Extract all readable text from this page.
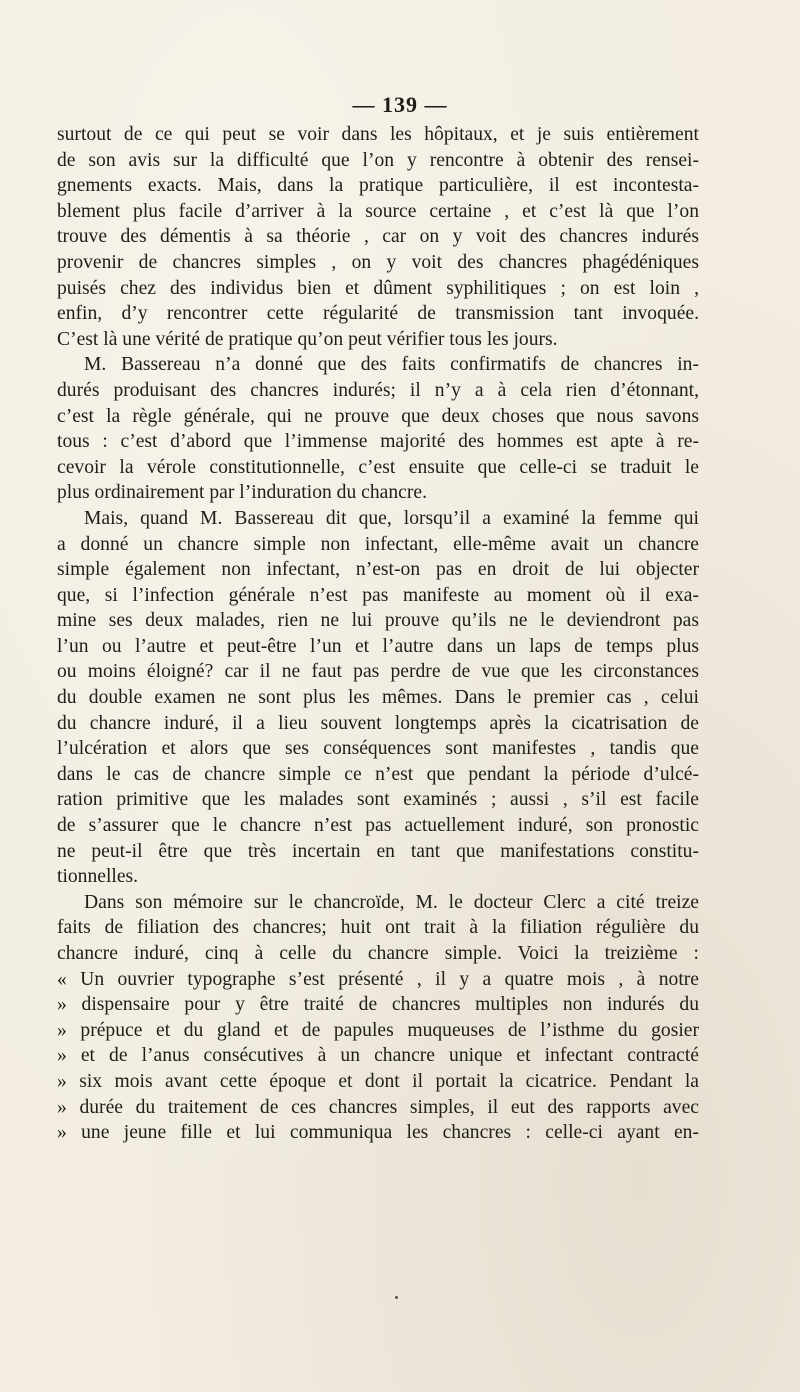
— 139 —
surtout de ce qui peut se voir dans les hôpitaux, et je suis entièrement
de son avis sur la difficulté que l’on y rencontre à obtenir des rensei-
gnements exacts. Mais, dans la pratique particulière, il est incontesta-
blement plus facile d’arriver à la source certaine , et c’est là que l’on
trouve des démentis à sa théorie , car on y voit des chancres indurés
provenir de chancres simples , on y voit des chancres phagédéniques
puisés chez des individus bien et dûment syphilitiques ; on est loin ,
enfin, d’y rencontrer cette régularité de transmission tant invoquée.
C’est là une vérité de pratique qu’on peut vérifier tous les jours.
M. Bassereau n’a donné que des faits confirmatifs de chancres in-
durés produisant des chancres indurés; il n’y a à cela rien d’étonnant,
c’est la règle générale, qui ne prouve que deux choses que nous savons
tous : c’est d’abord que l’immense majorité des hommes est apte à re-
cevoir la vérole constitutionnelle, c’est ensuite que celle-ci se traduit le
plus ordinairement par l’induration du chancre.
Mais, quand M. Bassereau dit que, lorsqu’il a examiné la femme qui
a donné un chancre simple non infectant, elle-même avait un chancre
simple également non infectant, n’est-on pas en droit de lui objecter
que, si l’infection générale n’est pas manifeste au moment où il exa-
mine ses deux malades, rien ne lui prouve qu’ils ne le deviendront pas
l’un ou l’autre et peut-être l’un et l’autre dans un laps de temps plus
ou moins éloigné? car il ne faut pas perdre de vue que les circonstances
du double examen ne sont plus les mêmes. Dans le premier cas , celui
du chancre induré, il a lieu souvent longtemps après la cicatrisation de
l’ulcération et alors que ses conséquences sont manifestes , tandis que
dans le cas de chancre simple ce n’est que pendant la période d’ulcé-
ration primitive que les malades sont examinés ; aussi , s’il est facile
de s’assurer que le chancre n’est pas actuellement induré, son pronostic
ne peut-il être que très incertain en tant que manifestations constitu-
tionnelles.
Dans son mémoire sur le chancroïde, M. le docteur Clerc a cité treize
faits de filiation des chancres; huit ont trait à la filiation régulière du
chancre induré, cinq à celle du chancre simple. Voici la treizième :
« Un ouvrier typographe s’est présenté , il y a quatre mois , à notre
» dispensaire pour y être traité de chancres multiples non indurés du
» prépuce et du gland et de papules muqueuses de l’isthme du gosier
» et de l’anus consécutives à un chancre unique et infectant contracté
» six mois avant cette époque et dont il portait la cicatrice. Pendant la
» durée du traitement de ces chancres simples, il eut des rapports avec
» une jeune fille et lui communiqua les chancres : celle-ci ayant en-
